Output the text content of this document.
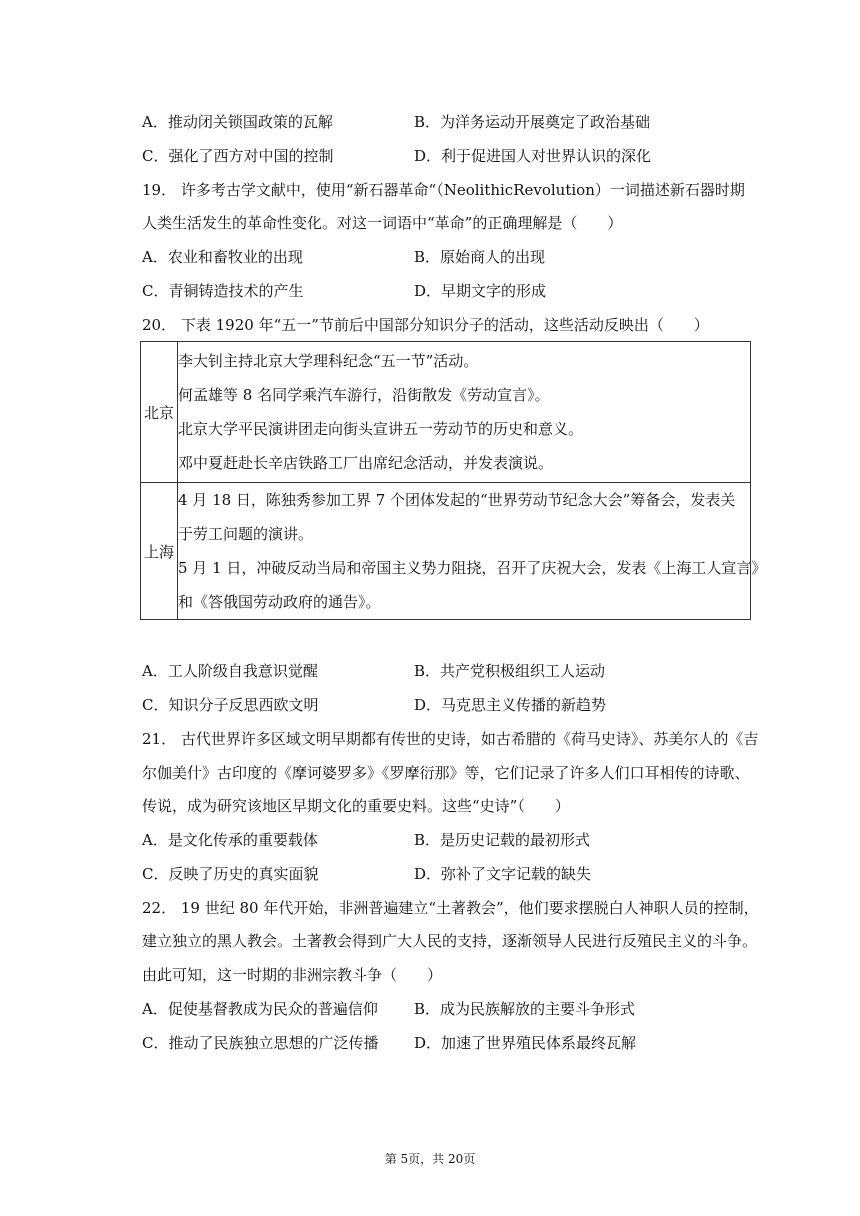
A．推动闭关锁国政策的瓦解	B．为洋务运动开展奠定了政治基础
C．强化了西方对中国的控制	D．利于促进国人对世界认识的深化
19． 许多考古学文献中，使用“新石器革命“（NeolithicRevolution）一词描述新石器时期
人类生活发生的革命性变化。对这一词语中“革命”的正确理解是（　　）
A．农业和畜牧业的出现	B．原始商人的出现
C．青铜铸造技术的产生	D．早期文字的形成
20． 下表 1920 年“五一”节前后中国部分知识分子的活动，这些活动反映出（　　）
北京	李大钊主持北京大学理科纪念“五一节”活动。
何孟雄等 8 名同学乘汽车游行，沿街散发《劳动宣言》。
北京大学平民演讲团走向街头宣讲五一劳动节的历史和意义。
邓中夏赶赴长辛店铁路工厂出席纪念活动，并发表演说。

上海	4 月 18 日，陈独秀参加工界 7 个团体发起的“世界劳动节纪念大会”筹备会，发表关
于劳工问题的演讲。
5 月 1 日，冲破反动当局和帝国主义势力阻挠，召开了庆祝大会，发表《上海工人宣言》
和《答俄国劳动政府的通告》。
A．工人阶级自我意识觉醒	B．共产党积极组织工人运动
C．知识分子反思西欧文明	D．马克思主义传播的新趋势
21． 古代世界许多区域文明早期都有传世的史诗，如古希腊的《荷马史诗》、苏美尔人的《吉
尔伽美什》古印度的《摩诃婆罗多》《罗摩衍那》等，它们记录了许多人们口耳相传的诗歌、
传说，成为研究该地区早期文化的重要史料。这些“史诗”（　　）
A．是文化传承的重要载体	B．是历史记载的最初形式
C．反映了历史的真实面貌	D．弥补了文字记载的缺失
22． 19 世纪 80 年代开始，非洲普遍建立“土著教会”，他们要求摆脱白人神职人员的控制，
建立独立的黑人教会。土著教会得到广大人民的支持，逐渐领导人民进行反殖民主义的斗争。
由此可知，这一时期的非洲宗教斗争（　　）
A．促使基督教成为民众的普遍信仰 B．成为民族解放的主要斗争形式
C．推动了民族独立思想的广泛传播 D．加速了世界殖民体系最终瓦解
第 5页，共 20页
